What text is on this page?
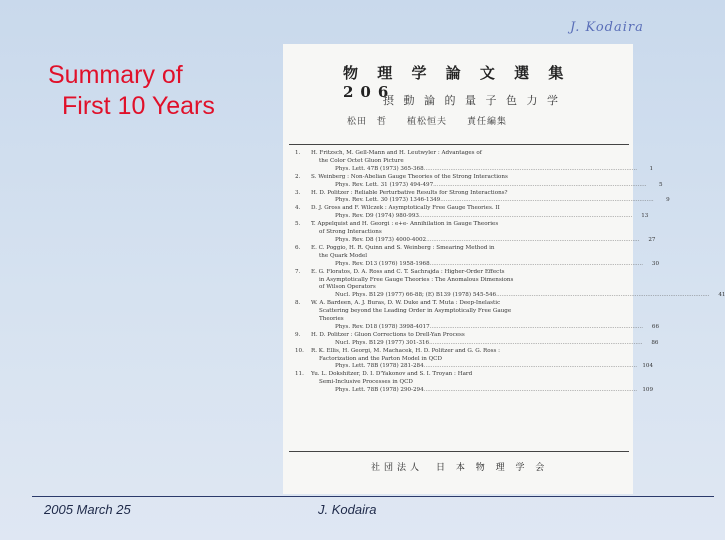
Summary of
First 10 Years
J. Kodaira
物 理 学 論 文 選 集 206
摂 動 論 的 量 子 色 力 学
松田　哲　　植松恒夫　　責任編集
1.	H. Fritzsch, M. Gell-Mann and H. Leutwyler : Advantages of
the Color Octet Gluon Picture
Phys. Lett. 47B (1973) 365-368 ........................................................................................................................	1
2.	S. Weinberg : Non-Abelian Gauge Theories of the Strong Interactions
Phys. Rev. Lett. 31 (1973) 494-497 ........................................................................................................................	5
3.	H. D. Politzer : Reliable Perturbative Results for Strong Interactions?
Phys. Rev. Lett. 30 (1973) 1346-1349 ........................................................................................................................	9
4.	D. J. Gross and F. Wilczek : Asymptotically Free Gauge Theories. II
Phys. Rev. D9 (1974) 980-993 ........................................................................................................................	13
5.	T. Appelquist and H. Georgi : e+e- Annihilation in Gauge Theories
of Strong Interactions
Phys. Rev. D8 (1973) 4000-4002 ........................................................................................................................	27
6.	E. C. Poggio, H. R. Quinn and S. Weinberg : Smearing Method in
the Quark Model
Phys. Rev. D13 (1976) 1958-1968 ........................................................................................................................	30
7.	E. G. Floratos, D. A. Ross and C. T. Sachrajda : Higher-Order Effects
in Asymptotically Free Gauge Theories : The Anomalous Dimensions
of Wilson Operators
Nucl. Phys. B129 (1977) 66-88; (E) B139 (1978) 545-546 ........................................................................................................................	41
8.	W. A. Bardeen, A. J. Buras, D. W. Duke and T. Muta : Deep-Inelastic
Scattering beyond the Leading Order in Asymptotically Free Gauge
Theories
Phys. Rev. D18 (1978) 3998-4017 ........................................................................................................................	66
9.	H. D. Politzer : Gluon Corrections to Drell-Yan Process
Nucl. Phys. B129 (1977) 301-316 ........................................................................................................................	86
10.	R. K. Ellis, H. Georgi, M. Machacek, H. D. Politzer and G. G. Ross :
Factorization and the Parton Model in QCD
Phys. Lett. 78B (1978) 281-284 ........................................................................................................................ 104
11.	Yu. L. Dokshitzer, D. I. D'Yakonov and S. I. Troyan : Hard
Semi-Inclusive Processes in QCD
Phys. Lett. 78B (1978) 290-294 ........................................................................................................................ 109
社団法人　日 本 物 理 学 会
2005 March 25	J. Kodaira
